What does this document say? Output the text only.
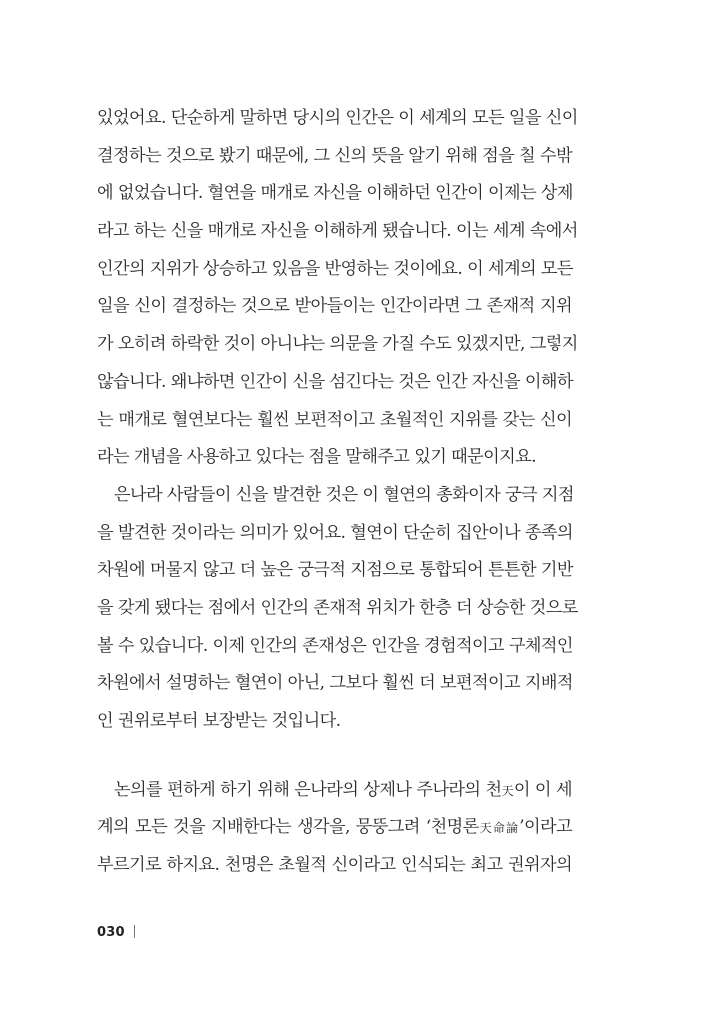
있었어요. 단순하게 말하면 당시의 인간은 이 세계의 모든 일을 신이
결정하는 것으로 봤기 때문에, 그 신의 뜻을 알기 위해 점을 칠 수밖
에 없었습니다. 혈연을 매개로 자신을 이해하던 인간이 이제는 상제
라고 하는 신을 매개로 자신을 이해하게 됐습니다. 이는 세계 속에서
인간의 지위가 상승하고 있음을 반영하는 것이에요. 이 세계의 모든
일을 신이 결정하는 것으로 받아들이는 인간이라면 그 존재적 지위
가 오히려 하락한 것이 아니냐는 의문을 가질 수도 있겠지만, 그렇지
않습니다. 왜냐하면 인간이 신을 섬긴다는 것은 인간 자신을 이해하
는 매개로 혈연보다는 훨씬 보편적이고 초월적인 지위를 갖는 신이
라는 개념을 사용하고 있다는 점을 말해주고 있기 때문이지요.
은나라 사람들이 신을 발견한 것은 이 혈연의 총화이자 궁극 지점
을 발견한 것이라는 의미가 있어요. 혈연이 단순히 집안이나 종족의
차원에 머물지 않고 더 높은 궁극적 지점으로 통합되어 튼튼한 기반
을 갖게 됐다는 점에서 인간의 존재적 위치가 한층 더 상승한 것으로
볼 수 있습니다. 이제 인간의 존재성은 인간을 경험적이고 구체적인
차원에서 설명하는 혈연이 아닌, 그보다 훨씬 더 보편적이고 지배적
인 권위로부터 보장받는 것입니다.
논의를 편하게 하기 위해 은나라의 상제나 주나라의 천天이 이 세
계의 모든 것을 지배한다는 생각을, 뭉뚱그려 ‘천명론天命論’이라고
부르기로 하지요. 천명은 초월적 신이라고 인식되는 최고 권위자의
030
